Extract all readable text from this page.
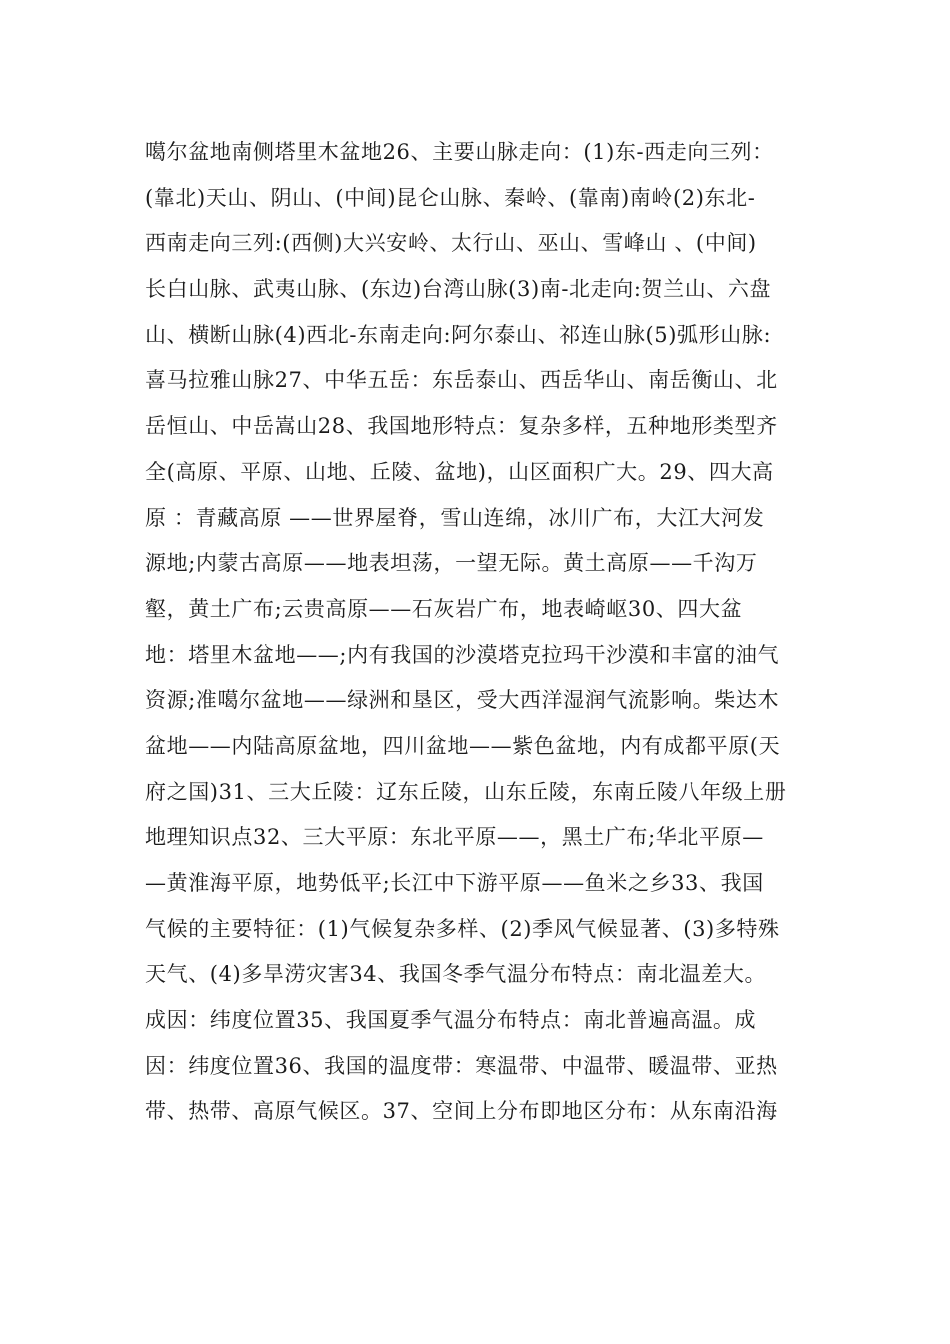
噶尔盆地南侧塔里木盆地26、主要山脉走向：(1)东-西走向三列：
(靠北)天山、阴山、(中间)昆仑山脉、秦岭、(靠南)南岭(2)东北-
西南走向三列:(西侧)大兴安岭、太行山、巫山、雪峰山 、(中间)
长白山脉、武夷山脉、(东边)台湾山脉(3)南-北走向:贺兰山、六盘
山、横断山脉(4)西北-东南走向:阿尔泰山、祁连山脉(5)弧形山脉:
喜马拉雅山脉27、中华五岳：东岳泰山、西岳华山、南岳衡山、北
岳恒山、中岳嵩山28、我国地形特点：复杂多样，五种地形类型齐
全(高原、平原、山地、丘陵、盆地)，山区面积广大。29、四大高
原 ：青藏高原 ——世界屋脊，雪山连绵，冰川广布，大江大河发
源地;内蒙古高原——地表坦荡，一望无际。黄土高原——千沟万
壑，黄土广布;云贵高原——石灰岩广布，地表崎岖30、四大盆
地：塔里木盆地——;内有我国的沙漠塔克拉玛干沙漠和丰富的油气
资源;准噶尔盆地——绿洲和垦区，受大西洋湿润气流影响。柴达木
盆地——内陆高原盆地，四川盆地——紫色盆地，内有成都平原(天
府之国)31、三大丘陵：辽东丘陵，山东丘陵，东南丘陵八年级上册
地理知识点32、三大平原：东北平原——，黑土广布;华北平原—
—黄淮海平原，地势低平;长江中下游平原——鱼米之乡33、我国
气候的主要特征：(1)气候复杂多样、(2)季风气候显著、(3)多特殊
天气、(4)多旱涝灾害34、我国冬季气温分布特点：南北温差大。
成因：纬度位置35、我国夏季气温分布特点：南北普遍高温。成
因：纬度位置36、我国的温度带：寒温带、中温带、暖温带、亚热
带、热带、高原气候区。37、空间上分布即地区分布：从东南沿海
